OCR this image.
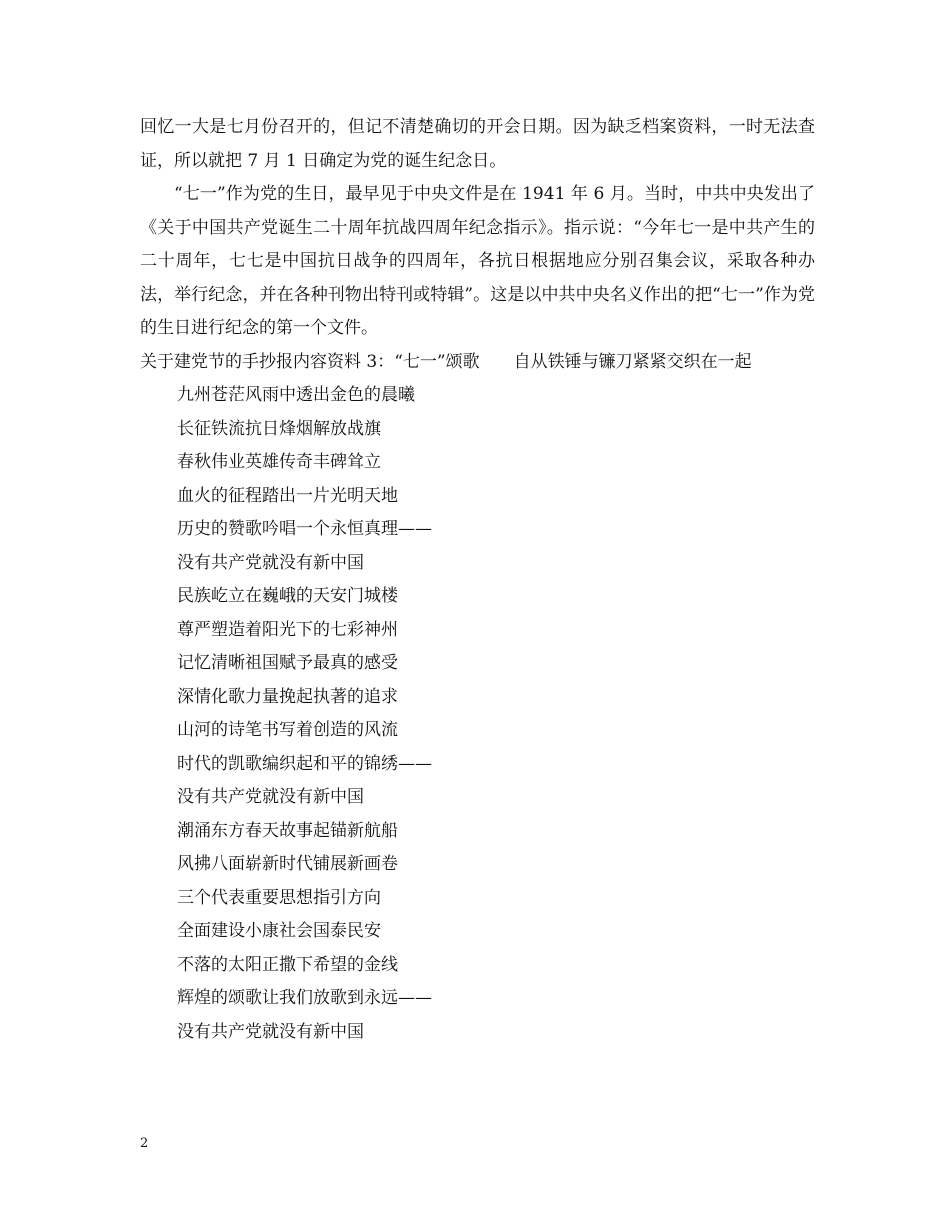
回忆一大是七月份召开的，但记不清楚确切的开会日期。因为缺乏档案资料，一时无法查证，所以就把 7 月 1 日确定为党的诞生纪念日。

“七一”作为党的生日，最早见于中央文件是在 1941 年 6 月。当时，中共中央发出了《关于中国共产党诞生二十周年抗战四周年纪念指示》。指示说：“今年七一是中共产生的二十周年，七七是中国抗日战争的四周年，各抗日根据地应分别召集会议，采取各种办法，举行纪念，并在各种刊物出特刊或特辑”。这是以中共中央名义作出的把“七一”作为党的生日进行纪念的第一个文件。

关于建党节的手抄报内容资料 3：“七一”颂歌 自从铁锤与镰刀紧紧交织在一起

九州苍茫风雨中透出金色的晨曦
长征铁流抗日烽烟解放战旗
春秋伟业英雄传奇丰碑耸立
血火的征程踏出一片光明天地
历史的赞歌吟唱一个永恒真理——
没有共产党就没有新中国
民族屹立在巍峨的天安门城楼
尊严塑造着阳光下的七彩神州
记忆清晰祖国赋予最真的感受
深情化歌力量挽起执著的追求
山河的诗笔书写着创造的风流
时代的凯歌编织起和平的锦绣——
没有共产党就没有新中国
潮涌东方春天故事起锚新航船
风拂八面崭新时代铺展新画卷
三个代表重要思想指引方向
全面建设小康社会国泰民安
不落的太阳正撒下希望的金线
辉煌的颂歌让我们放歌到永远——
没有共产党就没有新中国
2
